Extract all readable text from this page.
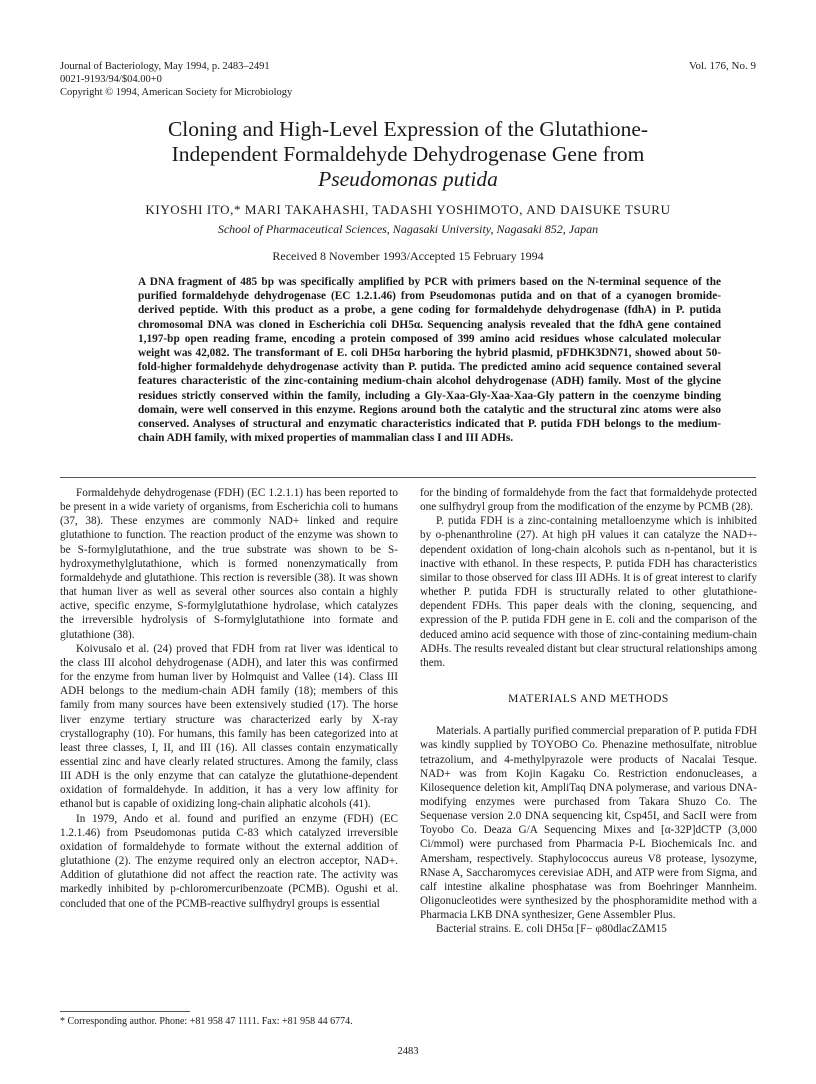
Journal of Bacteriology, May 1994, p. 2483–2491
0021-9193/94/$04.00+0
Copyright © 1994, American Society for Microbiology
Vol. 176, No. 9
Cloning and High-Level Expression of the Glutathione-
Independent Formaldehyde Dehydrogenase Gene from
Pseudomonas putida
KIYOSHI ITO,* MARI TAKAHASHI, TADASHI YOSHIMOTO, AND DAISUKE TSURU
School of Pharmaceutical Sciences, Nagasaki University, Nagasaki 852, Japan
Received 8 November 1993/Accepted 15 February 1994

A DNA fragment of 485 bp was specifically amplified by PCR with primers based on the N-terminal sequence of the purified formaldehyde dehydrogenase (EC 1.2.1.46) from Pseudomonas putida and on that of a cyanogen bromide-derived peptide. With this product as a probe, a gene coding for formaldehyde dehydrogenase (fdhA) in P. putida chromosomal DNA was cloned in Escherichia coli DH5α. Sequencing analysis revealed that the fdhA gene contained 1,197-bp open reading frame, encoding a protein composed of 399 amino acid residues whose calculated molecular weight was 42,082. The transformant of E. coli DH5α harboring the hybrid plasmid, pFDHK3DN71, showed about 50-fold-higher formaldehyde dehydrogenase activity than P. putida. The predicted amino acid sequence contained several features characteristic of the zinc-containing medium-chain alcohol dehydrogenase (ADH) family. Most of the glycine residues strictly conserved within the family, including a Gly-Xaa-Gly-Xaa-Xaa-Gly pattern in the coenzyme binding domain, were well conserved in this enzyme. Regions around both the catalytic and the structural zinc atoms were also conserved. Analyses of structural and enzymatic characteristics indicated that P. putida FDH belongs to the medium-chain ADH family, with mixed properties of mammalian class I and III ADHs.

Formaldehyde dehydrogenase (FDH) (EC 1.2.1.1) has been reported to be present in a wide variety of organisms, from Escherichia coli to humans (37, 38). These enzymes are commonly NAD+ linked and require glutathione to function. The reaction product of the enzyme was shown to be S-formylglutathione, and the true substrate was shown to be S-hydroxymethylglutathione, which is formed nonenzymatically from formaldehyde and glutathione. This rection is reversible (38). It was shown that human liver as well as several other sources also contain a highly active, specific enzyme, S-formylglutathione hydrolase, which catalyzes the irreversible hydrolysis of S-formylglutathione into formate and glutathione (38).

Koivusalo et al. (24) proved that FDH from rat liver was identical to the class III alcohol dehydrogenase (ADH), and later this was confirmed for the enzyme from human liver by Holmquist and Vallee (14). Class III ADH belongs to the medium-chain ADH family (18); members of this family from many sources have been extensively studied (17). The horse liver enzyme tertiary structure was characterized early by X-ray crystallography (10). For humans, this family has been categorized into at least three classes, I, II, and III (16). All classes contain enzymatically essential zinc and have clearly related structures. Among the family, class III ADH is the only enzyme that can catalyze the glutathione-dependent oxidation of formaldehyde. In addition, it has a very low affinity for ethanol but is capable of oxidizing long-chain aliphatic alcohols (41).

In 1979, Ando et al. found and purified an enzyme (FDH) (EC 1.2.1.46) from Pseudomonas putida C-83 which catalyzed irreversible oxidation of formaldehyde to formate without the external addition of glutathione (2). The enzyme required only an electron acceptor, NAD+. Addition of glutathione did not affect the reaction rate. The activity was markedly inhibited by p-chloromercuribenzoate (PCMB). Ogushi et al. concluded that one of the PCMB-reactive sulfhydryl groups is essential

for the binding of formaldehyde from the fact that formaldehyde protected one sulfhydryl group from the modification of the enzyme by PCMB (28).

P. putida FDH is a zinc-containing metalloenzyme which is inhibited by o-phenanthroline (27). At high pH values it can catalyze the NAD+-dependent oxidation of long-chain alcohols such as n-pentanol, but it is inactive with ethanol. In these respects, P. putida FDH has characteristics similar to those observed for class III ADHs. It is of great interest to clarify whether P. putida FDH is structurally related to other glutathione-dependent FDHs. This paper deals with the cloning, sequencing, and expression of the P. putida FDH gene in E. coli and the comparison of the deduced amino acid sequence with those of zinc-containing medium-chain ADHs. The results revealed distant but clear structural relationships among them.

MATERIALS AND METHODS

Materials. A partially purified commercial preparation of P. putida FDH was kindly supplied by TOYOBO Co. Phenazine methosulfate, nitroblue tetrazolium, and 4-methylpyrazole were products of Nacalai Tesque. NAD+ was from Kojin Kagaku Co. Restriction endonucleases, a Kilosequence deletion kit, AmpliTaq DNA polymerase, and various DNA-modifying enzymes were purchased from Takara Shuzo Co. The Sequenase version 2.0 DNA sequencing kit, Csp45I, and SacII were from Toyobo Co. Deaza G/A Sequencing Mixes and [α-32P]dCTP (3,000 Ci/mmol) were purchased from Pharmacia P-L Biochemicals Inc. and Amersham, respectively. Staphylococcus aureus V8 protease, lysozyme, RNase A, Saccharomyces cerevisiae ADH, and ATP were from Sigma, and calf intestine alkaline phosphatase was from Boehringer Mannheim. Oligonucleotides were synthesized by the phosphoramidite method with a Pharmacia LKB DNA synthesizer, Gene Assembler Plus.

Bacterial strains. E. coli DH5α [F− φ80dlacZΔM15

* Corresponding author. Phone: +81 958 47 1111. Fax: +81 958 44 6774.
2483
